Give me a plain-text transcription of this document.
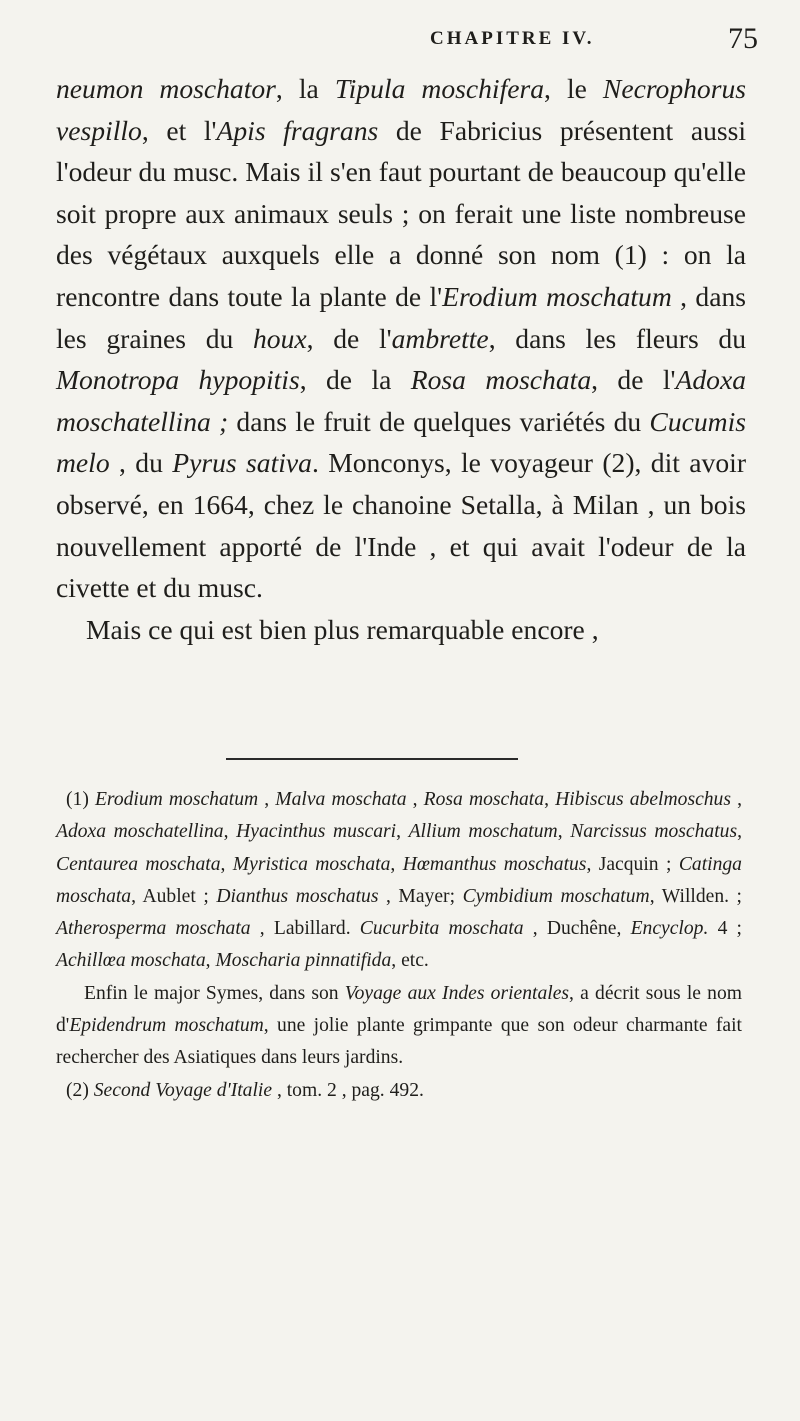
CHAPITRE IV.	75

neumon moschator, la Tipula moschifera, le Necrophorus vespillo, et l'Apis fragrans de Fabricius présentent aussi l'odeur du musc. Mais il s'en faut pourtant de beaucoup qu'elle soit propre aux animaux seuls ; on ferait une liste nombreuse des végétaux auxquels elle a donné son nom (1) : on la rencontre dans toute la plante de l'Erodium moschatum , dans les graines du houx, de l'ambrette, dans les fleurs du Monotropa hypopitis, de la Rosa moschata, de l'Adoxa moschatellina ; dans le fruit de quelques variétés du Cucumis melo , du Pyrus sativa. Monconys, le voyageur (2), dit avoir observé, en 1664, chez le chanoine Setalla, à Milan , un bois nouvellement apporté de l'Inde , et qui avait l'odeur de la civette et du musc.

Mais ce qui est bien plus remarquable encore ,

(1) Erodium moschatum , Malva moschata , Rosa moschata, Hibiscus abelmoschus , Adoxa moschatellina, Hyacinthus muscari, Allium moschatum, Narcissus moschatus, Centaurea moschata, Myristica moschata, Hœmanthus moschatus, Jacquin ; Catinga moschata, Aublet ; Dianthus moschatus , Mayer; Cymbidium moschatum, Willden. ; Atherosperma moschata , Labillard. Cucurbita moschata , Duchêne, Encyclop. 4 ; Achillœa moschata, Moscharia pinnatifida, etc.

Enfin le major Symes, dans son Voyage aux Indes orientales, a décrit sous le nom d'Epidendrum moschatum, une jolie plante grimpante que son odeur charmante fait rechercher des Asiatiques dans leurs jardins.

(2) Second Voyage d'Italie , tom. 2 , pag. 492.
